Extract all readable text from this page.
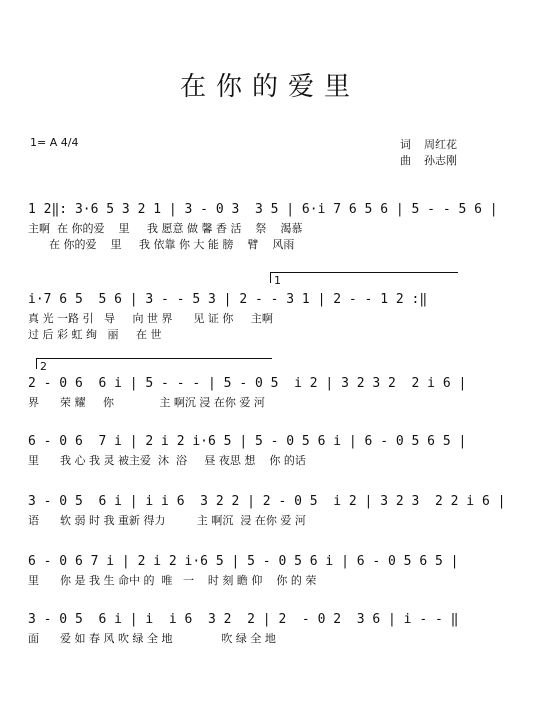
在你的爱里
1= A 4/4	词 周红花
曲 孙志刚
1
2
1 2‖: 3·6 5 3 2 1 | 3 - 0 3  3 5 | 6·i 7 6 5 6 | 5 - - 5 6 |
主啊  在 你的爱    里     我 愿意 做 馨 香 活    祭    渴慕
在 你的爱    里     我 依靠 你 大 能 膀    臂    风雨
i·7 6 5  5 6 | 3 - - 5 3 | 2 - - 3 1 | 2 - - 1 2 :‖
真 光 一路 引   导     向 世 界      见 证 你     主啊
过 后 彩 虹 绚   丽     在 世
2 - 0 6  6 i | 5 - - - | 5 - 0 5  i 2 | 3 2 3 2  2 i 6 |
界      荣 耀     你             主 啊沉 浸 在你 爱 河
6 - 0 6  7 i | 2 i 2 i·6 5 | 5 - 0 5 6 i | 6 - 0 5 6 5 |
里      我 心 我 灵 被主爱  沐  浴     昼 夜思 想    你 的话
3 - 0 5  6 i | i i 6  3 2 2 | 2 - 0 5  i 2 | 3 2 3  2 2 i 6 |
语      软 弱 时 我 重新 得力         主 啊沉  浸 在你 爱 河
6 - 0 6 7 i | 2 i 2 i·6 5 | 5 - 0 5 6 i | 6 - 0 5 6 5 |
里      你 是 我 生 命中 的  唯   一    时 刻 瞻 仰    你 的 荣
3 - 0 5  6 i | i  i 6  3 2  2 | 2  - 0 2  3 6 | i - - ‖
面      爱 如 春 风 吹 绿 全 地              吹 绿 全 地
